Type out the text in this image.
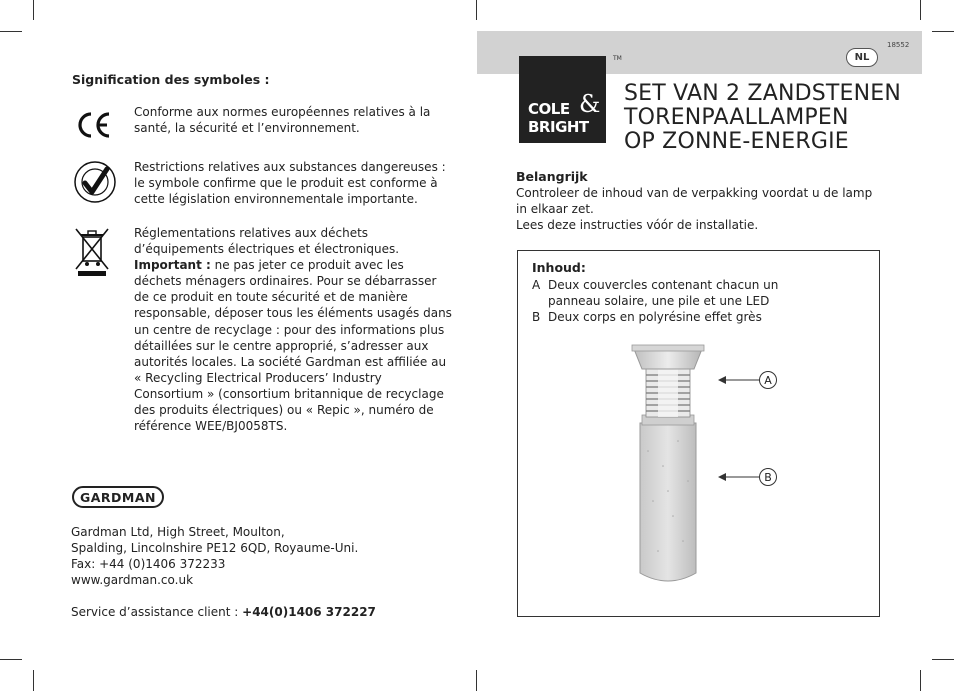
Signification des symboles :
Conforme aux normes européennes relatives à la santé, la sécurité et l’environnement.
Restrictions relatives aux substances dangereuses : le symbole confirme que le produit est conforme à cette législation environnementale importante.
Réglementations relatives aux déchets d’équipements électriques et électroniques.
Important : ne pas jeter ce produit avec les déchets ménagers ordinaires. Pour se débarrasser de ce produit en toute sécurité et de manière responsable, déposer tous les éléments usagés dans un centre de recyclage : pour des informations plus détaillées sur le centre approprié, s’adresser aux autorités locales. La société Gardman est affiliée au « Recycling Electrical Producers’ Industry Consortium » (consortium britannique de recyclage des produits électriques) ou « Repic », numéro de référence WEE/BJ0058TS.
GARDMAN
Gardman Ltd, High Street, Moulton,
Spalding, Lincolnshire PE12 6QD, Royaume-Uni.
Fax: +44 (0)1406 372233
www.gardman.co.uk
Service d’assistance client : +44(0)1406 372227
18552
NL
COLE &
BRIGHT
TM
SET VAN 2 ZANDSTENEN
TORENPAALLAMPEN
OP ZONNE-ENERGIE
Belangrijk
Controleer de inhoud van de verpakking voordat u de lamp
in elkaar zet.
Lees deze instructies vóór de installatie.
Inhoud:
A Deux couvercles contenant chacun un panneau solaire, une pile et une LED
B Deux corps en polyrésine effet grès
A
B
